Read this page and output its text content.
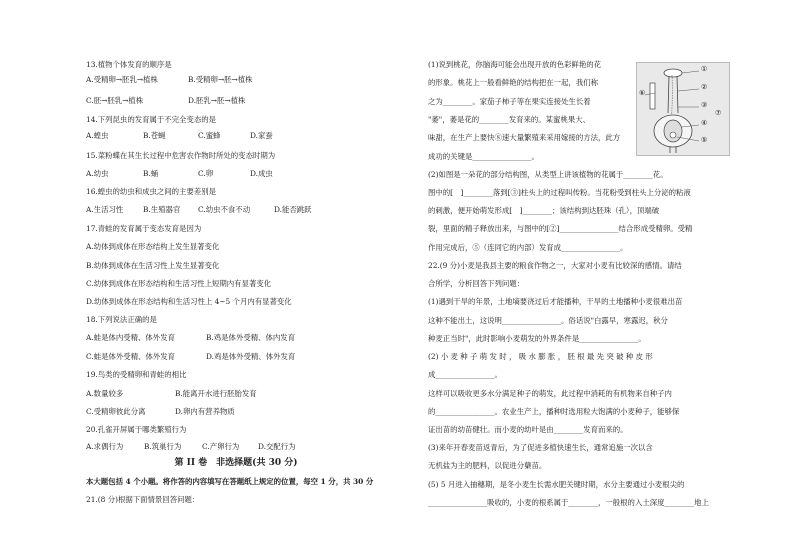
13.植物个体发育的顺序是
A.受精卵→胚乳→植株	B.受精卵→胚→植株
C.胚→胚乳→植株	D.胚乳→胚→植株
14.下列昆虫的发育属于不完全变态的是
A.蝗虫	B.苍蝇	C.蜜蜂	D.家蚕
15.菜粉蝶在其生长过程中危害农作物时所处的变态时期为
A.幼虫	B.蛹	C.卵	D.成虫
16.蝗虫的幼虫和成虫之间的主要差别是
A.生活习性	B.生殖器官 C.幼虫不食不动	D.能否跳跃
17.青蛙的发育属于变态发育是因为
A.幼体到成体在形态结构上发生显著变化
B.幼体到成体在生活习性上发生显著变化
C.幼体到成体在形态结构和生活习性上短期内有显著变化
D.幼体到成体在形态结构和生活习性上 4~5 个月内有显著变化
18.下列说法正确的是
A.蛙是体内受精、体外发育	B.鸡是体外受精、体内发育
C.蛙是体外受精、体外发育	D.鸡是体外受精、体外发育
19.鸟类的受精卵和青蛙的相比
A.数量较多	B.能离开水进行胚胎发育
C.受精卵彼此分离	D.卵内有营养物质
20.孔雀开屏属于哪类繁殖行为
A.求偶行为	B.筑巢行为	C.产卵行为	D.交配行为
第 II 卷　非选择题(共 30 分)
本大题包括 4 个小题。将作答的内容填写在答题纸上规定的位置，每空 1 分，共 30 分
21.(8 分)根据下面情景回答问题：
(1)说到桃花，你脑海可能会出现开放的色彩鲜艳的花
的形象。桃花上一般看鲜艳的结构把在一起，我们称
之为________。家茄子柿子等在果实连接处生长着
"萎"，萎是花的________发育来的。某蜜桃果大、
味甜，在生产上要快⑧速大量繁殖来采用嫁接的方法，此方
成功的关键是________________。
(2)如图是一朵花的部分结构图，从类型上讲该植物的花属于________花。
图中的[　]________落到[③]柱头上的过程叫传粉。当花粉受到柱头上分泌的粘液
的刺激，便开始萌发形成[　]________；该结构到达胚珠（孔），顶端破
裂，里面的精子释放出来，与图中的[②]________________结合形成受精卵。受精
作用完成后，⑤（连同它的内部）发育成________________。
22.(9 分)小麦是我县主要的粮食作物之一，大家对小麦有比较深的感情。请结
合所学，分析回答下列问题：
(1)遇到干旱的年景，土地墒要浇过后才能播种，干旱的土地播种小麦很难出苗
这种不能出土，这说明________________。俗话说"白露早，寒露迟，秋分
种麦正当时"，此时影响小麦萌发的外界条件是________________。
(2) 小 麦 种 子 萌 发 时 ， 吸 水 膨 胀 ， 胚 根 最 先 突 破 种 皮 形
成________________。
这样可以吸收更多水分满足种子的萌发，此过程中消耗的有机物来自种子内
的________________。农业生产上，播种时选用粒大饱满的小麦种子，能够保
证出苗的幼苗健壮。而小麦的幼叶是由________发育而来的。
(3)来年开春麦苗返青后，为了促进多植快速生长，通常追施一次以含
无机盐为主的肥料，以促进分蘖苗。
(5) 5 月进入抽穗期，是冬小麦生长需水肥关键时期，水分主要通过小麦根尖的
________________吸收的，小麦的根系属于________，一般根的入土深度________地上
①
②
③
④
⑤
⑥
⑦
